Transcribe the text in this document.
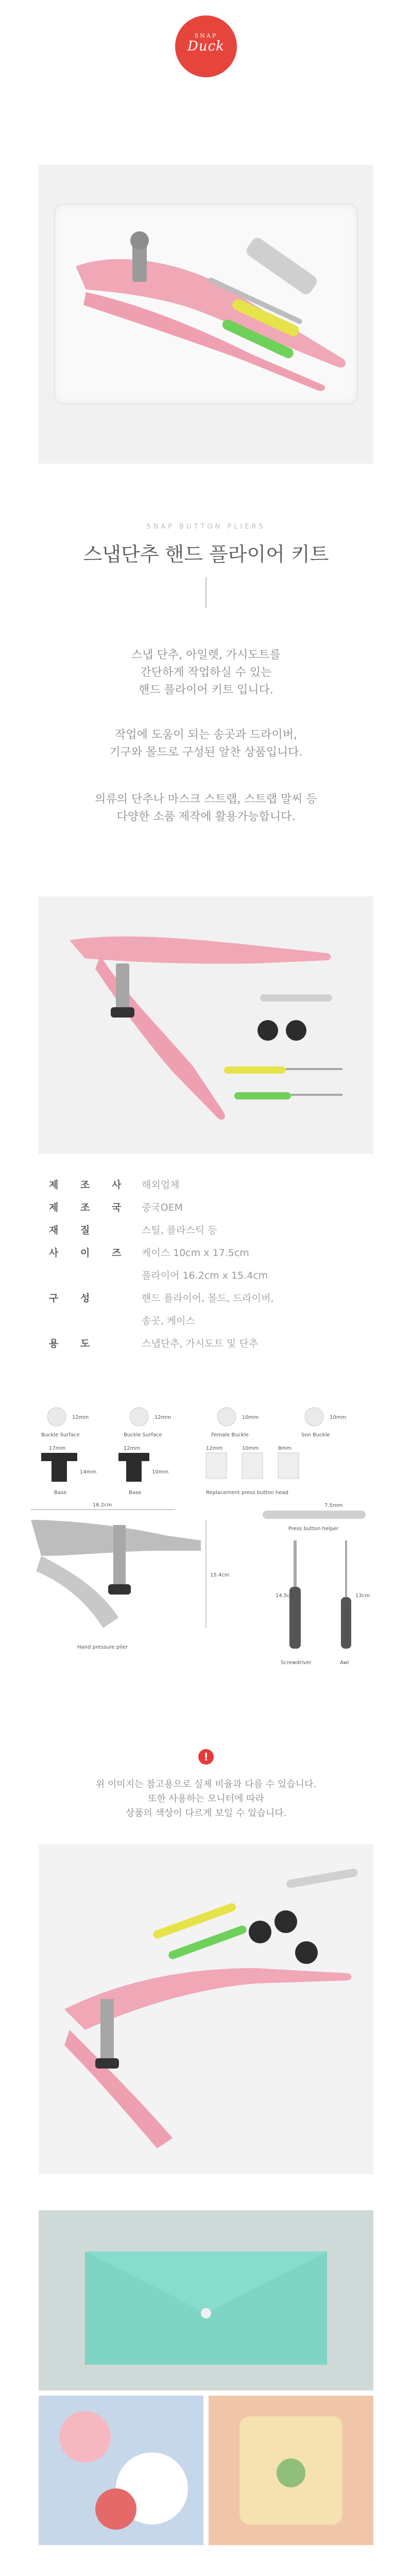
SNAP
Duck
SNAP BUTTON PLIERS
스냅단추 핸드 플라이어 키트
스냅 단추, 아일렛, 가시도트를
간단하게 작업하실 수 있는
핸드 플라이어 키트 입니다.
작업에 도움이 되는 송곳과 드라이버,
기구와 몰드로 구성된 알찬 상품입니다.
의류의 단추나 마스크 스트랩, 스트랩 말씨 등
다양한 소품 제작에 활용가능합니다.
제 조 사	해외업체
제 조 국	중국OEM
재 질	스틸, 플라스틱 등
사 이 즈	케이스 10cm x 17.5cm
플라이어 16.2cm x 15.4cm
구 성	핸드 플라이어, 몰드, 드라이버,
송곳, 케이스
용 도	스냅단추, 가시도트 및 단추
Buckle Surface
12mm
Buckle Surface
12mm
Female Buckle
10mm
Son Buckle
10mm
Base
17mm
14mm
Base
12mm
10mm
12mm	10mm	8mm
Replacement press button head
16.2cm
15.4cm
Hand pressure plier
7.5mm
Press button helper
14.5cm
Screwdriver
13cm
Awl
!
위 이미지는 참고용으로 실제 비율과 다를 수 있습니다.
또한 사용하는 모니터에 따라
상품의 색상이 다르게 보일 수 있습니다.
